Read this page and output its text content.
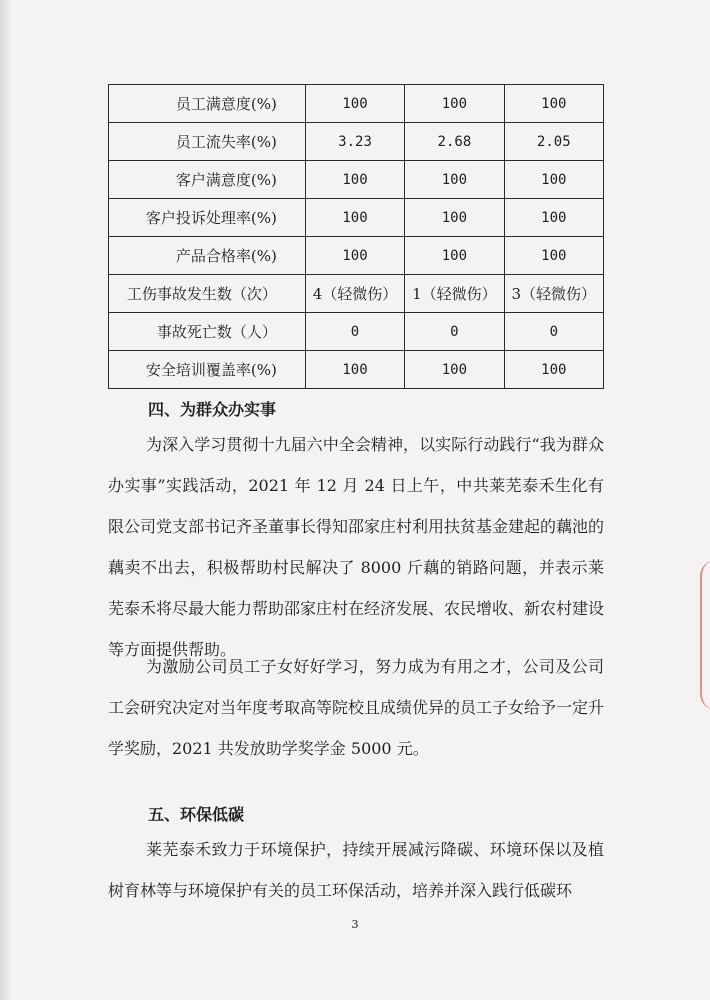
员工满意度(%)	100	100	100
员工流失率(%)	3.23	2.68	2.05
客户满意度(%)	100	100	100
客户投诉处理率(%)	100	100	100
产品合格率(%)	100	100	100
工伤事故发生数（次）	4（轻微伤）	1（轻微伤）	3（轻微伤）
事故死亡数（人）	0	0	0
安全培训覆盖率(%)	100	100	100
四、为群众办实事
为深入学习贯彻十九届六中全会精神，以实际行动践行“我为群众办实事”实践活动，2021 年 12 月 24 日上午，中共莱芜泰禾生化有限公司党支部书记齐圣董事长得知邵家庄村利用扶贫基金建起的藕池的藕卖不出去，积极帮助村民解决了 8000 斤藕的销路问题，并表示莱芜泰禾将尽最大能力帮助邵家庄村在经济发展、农民增收、新农村建设等方面提供帮助。
为激励公司员工子女好好学习，努力成为有用之才，公司及公司工会研究决定对当年度考取高等院校且成绩优异的员工子女给予一定升学奖励，2021 共发放助学奖学金 5000 元。
五、环保低碳
莱芜泰禾致力于环境保护，持续开展减污降碳、环境环保以及植树育林等与环境保护有关的员工环保活动，培养并深入践行低碳环
3
